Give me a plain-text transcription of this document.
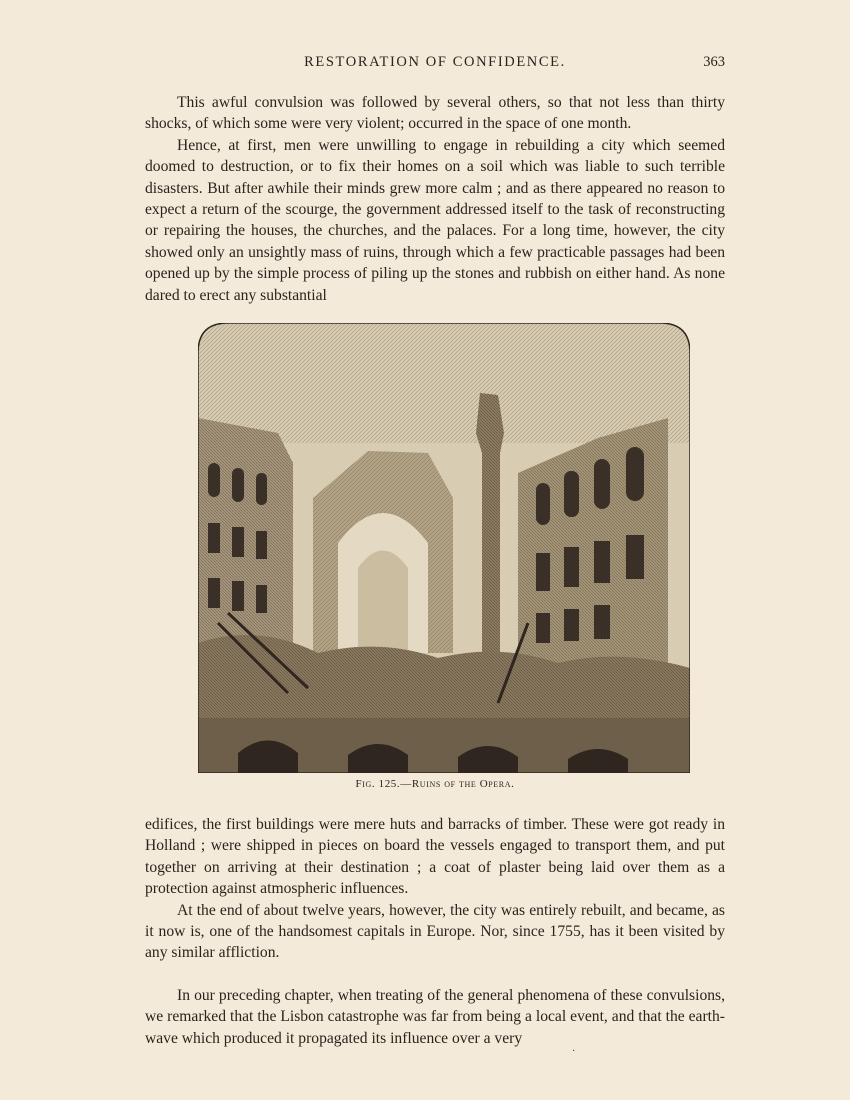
RESTORATION OF CONFIDENCE.	363

This awful convulsion was followed by several others, so that not less than thirty shocks, of which some were very violent; occurred in the space of one month.

Hence, at first, men were unwilling to engage in rebuilding a city which seemed doomed to destruction, or to fix their homes on a soil which was liable to such terrible disasters. But after awhile their minds grew more calm ; and as there appeared no reason to expect a return of the scourge, the government addressed itself to the task of reconstructing or repairing the houses, the churches, and the palaces. For a long time, however, the city showed only an unsightly mass of ruins, through which a few practicable passages had been opened up by the simple process of piling up the stones and rubbish on either hand. As none dared to erect any substantial

Fig. 125.—Ruins of the Opera.

edifices, the first buildings were mere huts and barracks of timber. These were got ready in Holland ; were shipped in pieces on board the vessels engaged to transport them, and put together on arriving at their destination ; a coat of plaster being laid over them as a protection against atmospheric influences.

At the end of about twelve years, however, the city was entirely rebuilt, and became, as it now is, one of the handsomest capitals in Europe. Nor, since 1755, has it been visited by any similar affliction.

In our preceding chapter, when treating of the general phenomena of these convulsions, we remarked that the Lisbon catastrophe was far from being a local event, and that the earth-wave which produced it propagated its influence over a very

·
